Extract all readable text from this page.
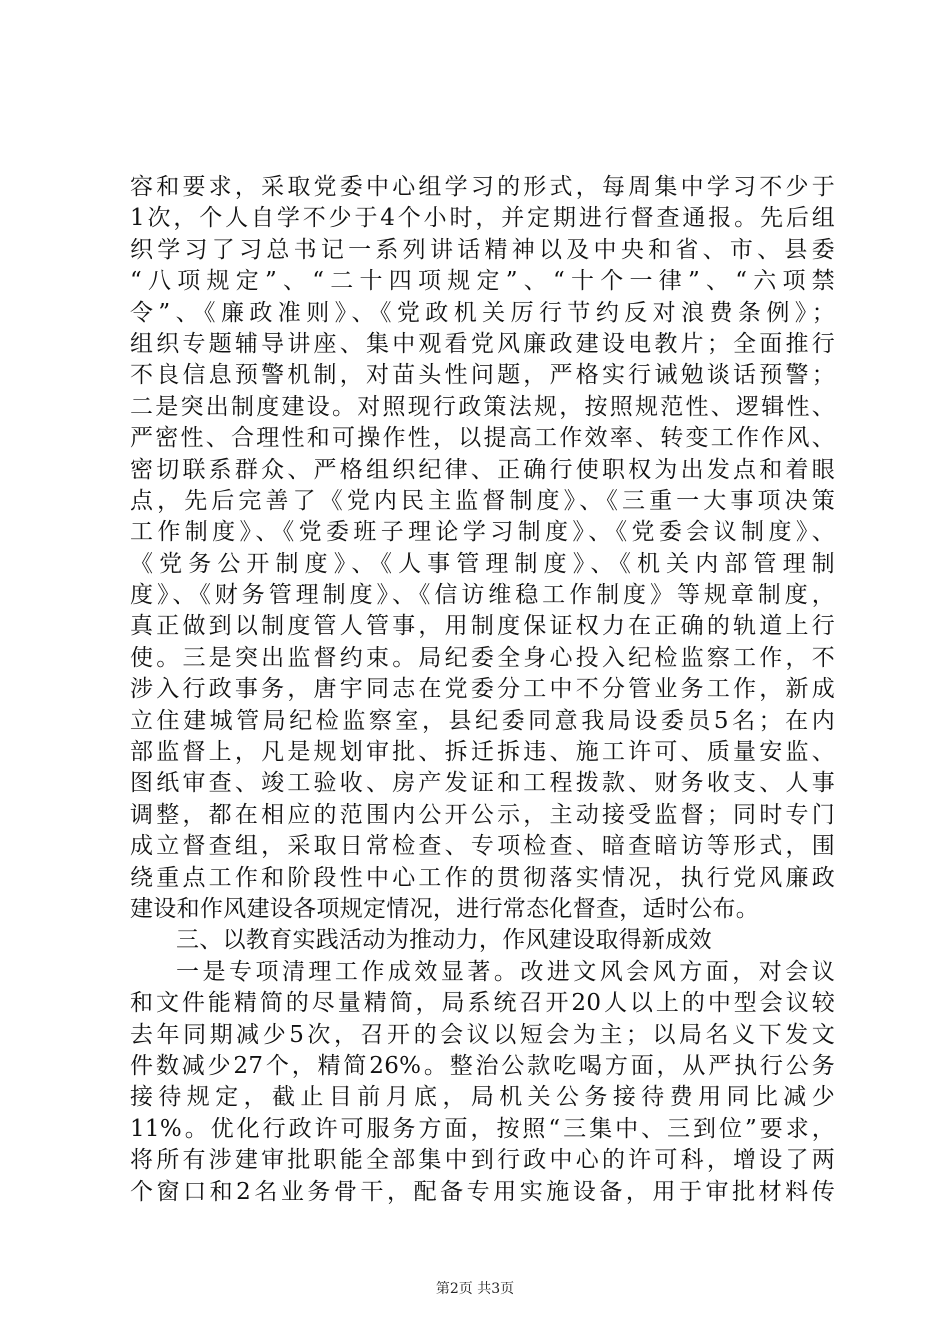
容和要求，采取党委中心组学习的形式，每周集中学习不少于
1次，个人自学不少于4个小时，并定期进行督查通报。先后组
织学习了习总书记一系列讲话精神以及中央和省、市、县委
“八项规定”、“二十四项规定”、“十个一律”、“六项禁
令”、《廉政准则》、《党政机关厉行节约反对浪费条例》；
组织专题辅导讲座、集中观看党风廉政建设电教片；全面推行
不良信息预警机制，对苗头性问题，严格实行诫勉谈话预警；
二是突出制度建设。对照现行政策法规，按照规范性、逻辑性、
严密性、合理性和可操作性，以提高工作效率、转变工作作风、
密切联系群众、严格组织纪律、正确行使职权为出发点和着眼
点，先后完善了《党内民主监督制度》、《三重一大事项决策
工作制度》、《党委班子理论学习制度》、《党委会议制度》、
《党务公开制度》、《人事管理制度》、《机关内部管理制
度》、《财务管理制度》、《信访维稳工作制度》等规章制度，
真正做到以制度管人管事，用制度保证权力在正确的轨道上行
使。三是突出监督约束。局纪委全身心投入纪检监察工作，不
涉入行政事务，唐宇同志在党委分工中不分管业务工作，新成
立住建城管局纪检监察室，县纪委同意我局设委员5名；在内
部监督上，凡是规划审批、拆迁拆违、施工许可、质量安监、
图纸审查、竣工验收、房产发证和工程拨款、财务收支、人事
调整，都在相应的范围内公开公示，主动接受监督；同时专门
成立督查组，采取日常检查、专项检查、暗查暗访等形式，围
绕重点工作和阶段性中心工作的贯彻落实情况，执行党风廉政
建设和作风建设各项规定情况，进行常态化督查，适时公布。
三、以教育实践活动为推动力，作风建设取得新成效
一是专项清理工作成效显著。改进文风会风方面，对会议
和文件能精简的尽量精简，局系统召开20人以上的中型会议较
去年同期减少5次，召开的会议以短会为主；以局名义下发文
件数减少27个，精简26%。整治公款吃喝方面，从严执行公务
接待规定，截止目前月底，局机关公务接待费用同比减少
11%。优化行政许可服务方面，按照“三集中、三到位”要求，
将所有涉建审批职能全部集中到行政中心的许可科，增设了两
个窗口和2名业务骨干，配备专用实施设备，用于审批材料传
第2页 共3页
